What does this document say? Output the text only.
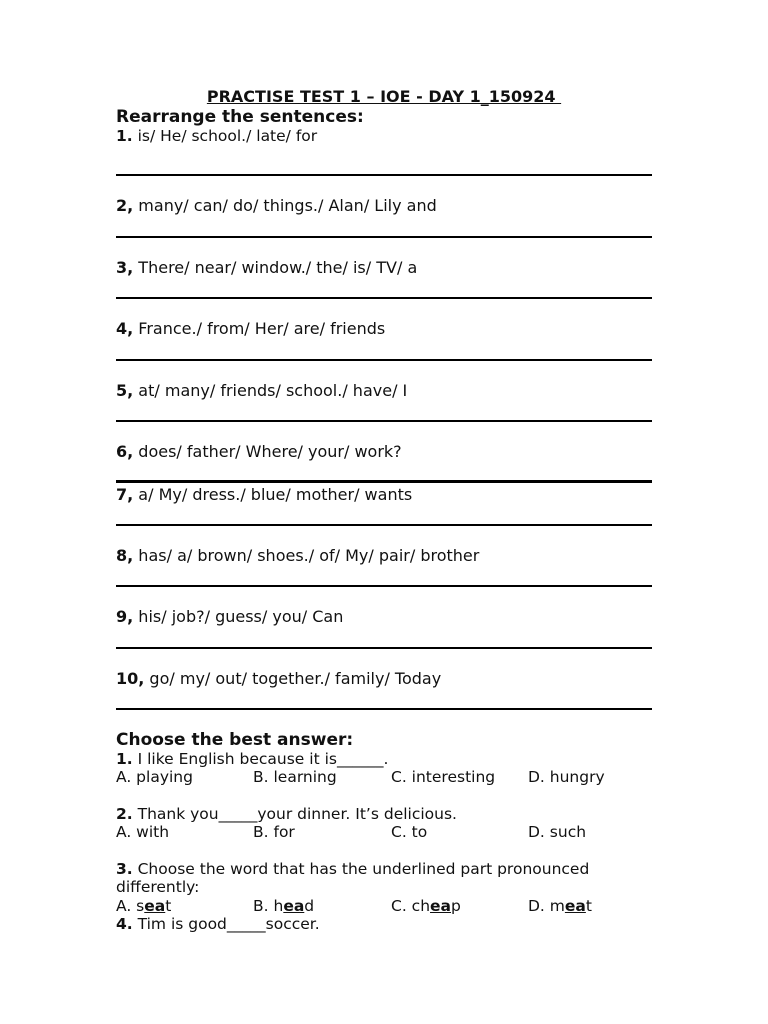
PRACTISE TEST 1 – IOE - DAY 1_150924
Rearrange the sentences:
1. is/ He/ school./ late/ for
2, many/ can/ do/ things./ Alan/ Lily and
3, There/ near/ window./ the/ is/ TV/ a
4, France./ from/ Her/ are/ friends
5, at/ many/ friends/ school./ have/ I
6, does/ father/ Where/ your/ work?
7, a/ My/ dress./ blue/ mother/ wants
8, has/ a/ brown/ shoes./ of/ My/ pair/ brother
9, his/ job?/ guess/ you/ Can
10, go/ my/ out/ together./ family/ Today
Choose the best answer:
1. I like English because it is______.
A. playing	B. learning	C. interesting D. hungry
2. Thank you_____your dinner. It’s delicious.
A. with	B. for	C. to	D. such
3. Choose the word that has the underlined part pronounced differently:
A. seat	B. head	C. cheap	D. meat
4. Tim is good_____soccer.
